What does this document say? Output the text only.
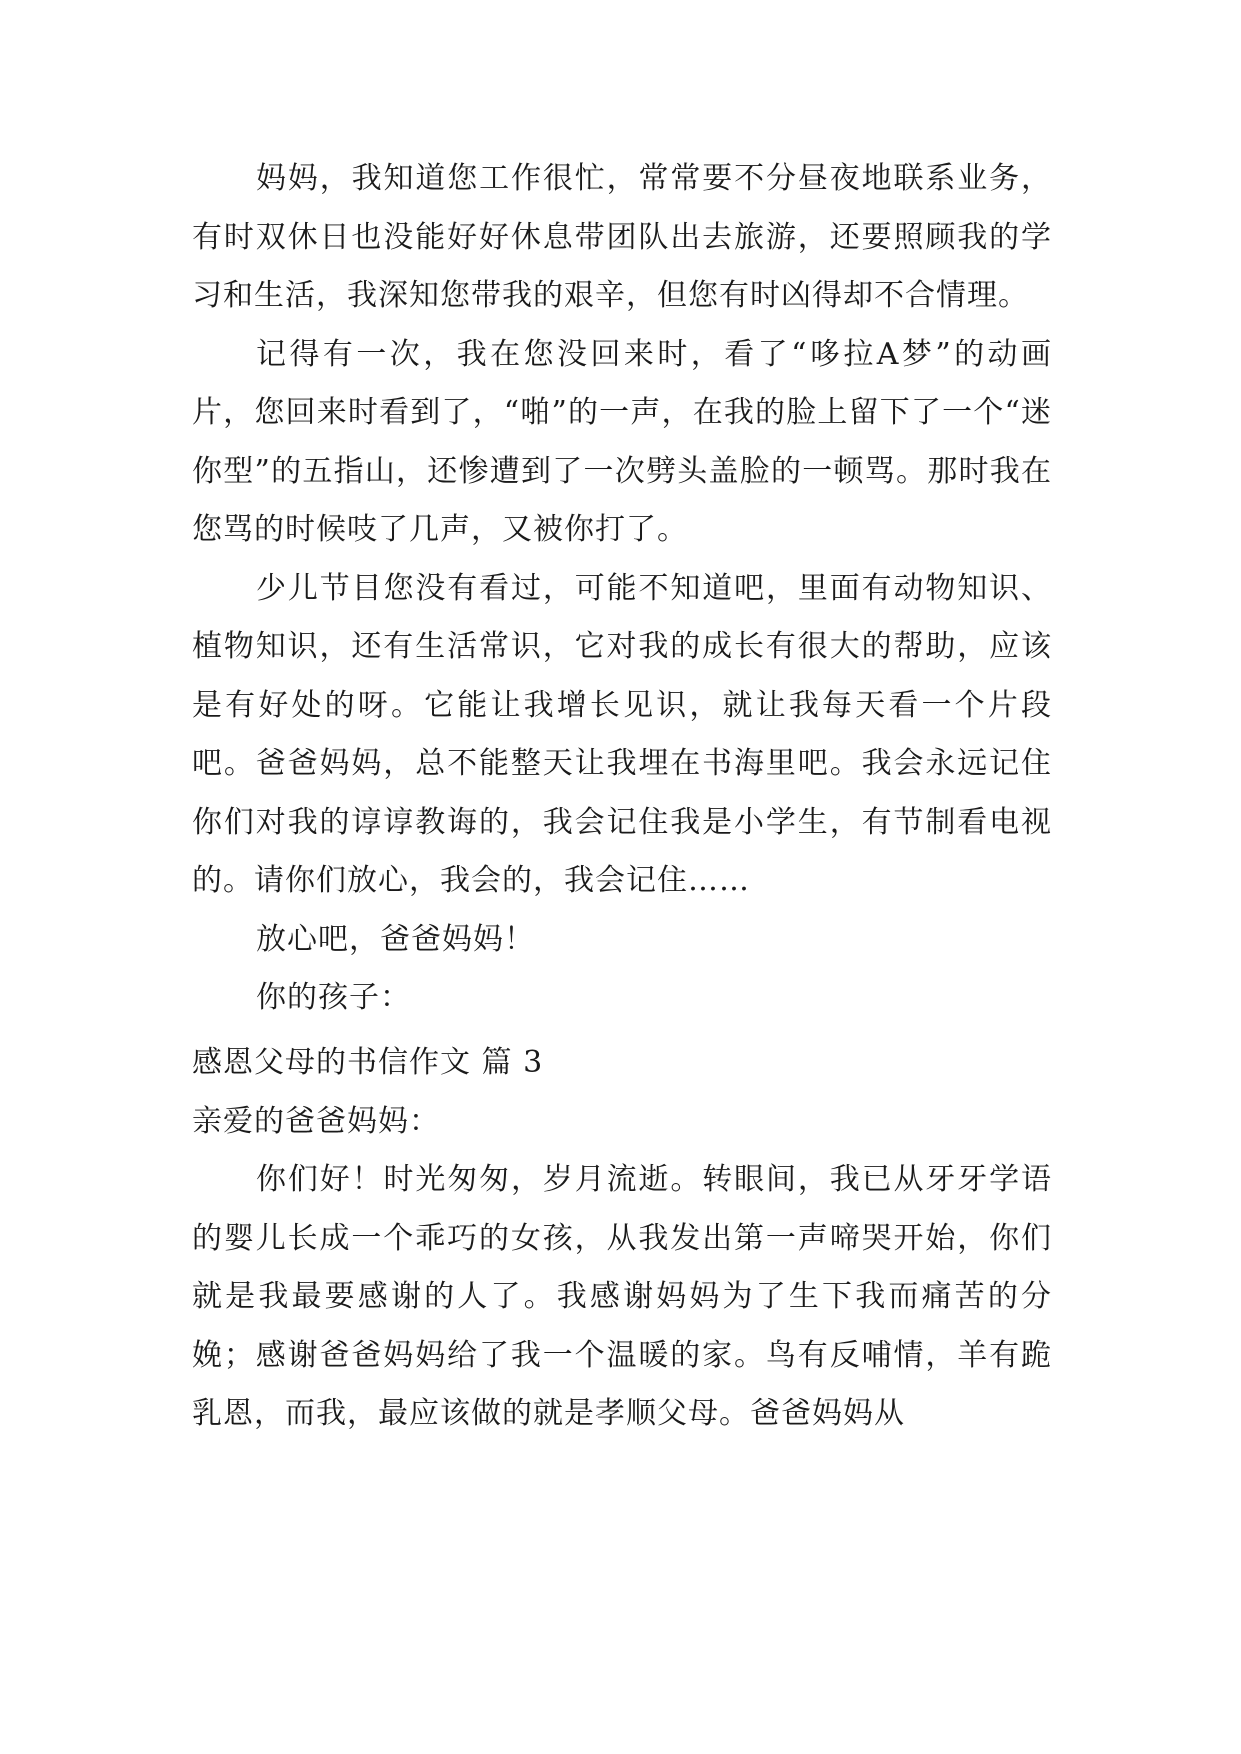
妈妈，我知道您工作很忙，常常要不分昼夜地联系业务，有时双休日也没能好好休息带团队出去旅游，还要照顾我的学习和生活，我深知您带我的艰辛，但您有时凶得却不合情理。

记得有一次，我在您没回来时，看了“哆拉A梦”的动画片，您回来时看到了，“啪”的一声，在我的脸上留下了一个“迷你型”的五指山，还惨遭到了一次劈头盖脸的一顿骂。那时我在您骂的时候吱了几声，又被你打了。

少儿节目您没有看过，可能不知道吧，里面有动物知识、植物知识，还有生活常识，它对我的成长有很大的帮助，应该是有好处的呀。它能让我增长见识，就让我每天看一个片段吧。爸爸妈妈，总不能整天让我埋在书海里吧。我会永远记住你们对我的谆谆教诲的，我会记住我是小学生，有节制看电视的。请你们放心，我会的，我会记住……

放心吧，爸爸妈妈！

你的孩子：

感恩父母的书信作文 篇 3

亲爱的爸爸妈妈：

你们好！时光匆匆，岁月流逝。转眼间，我已从牙牙学语的婴儿长成一个乖巧的女孩，从我发出第一声啼哭开始，你们就是我最要感谢的人了。我感谢妈妈为了生下我而痛苦的分娩；感谢爸爸妈妈给了我一个温暖的家。鸟有反哺情，羊有跪乳恩，而我，最应该做的就是孝顺父母。爸爸妈妈从
